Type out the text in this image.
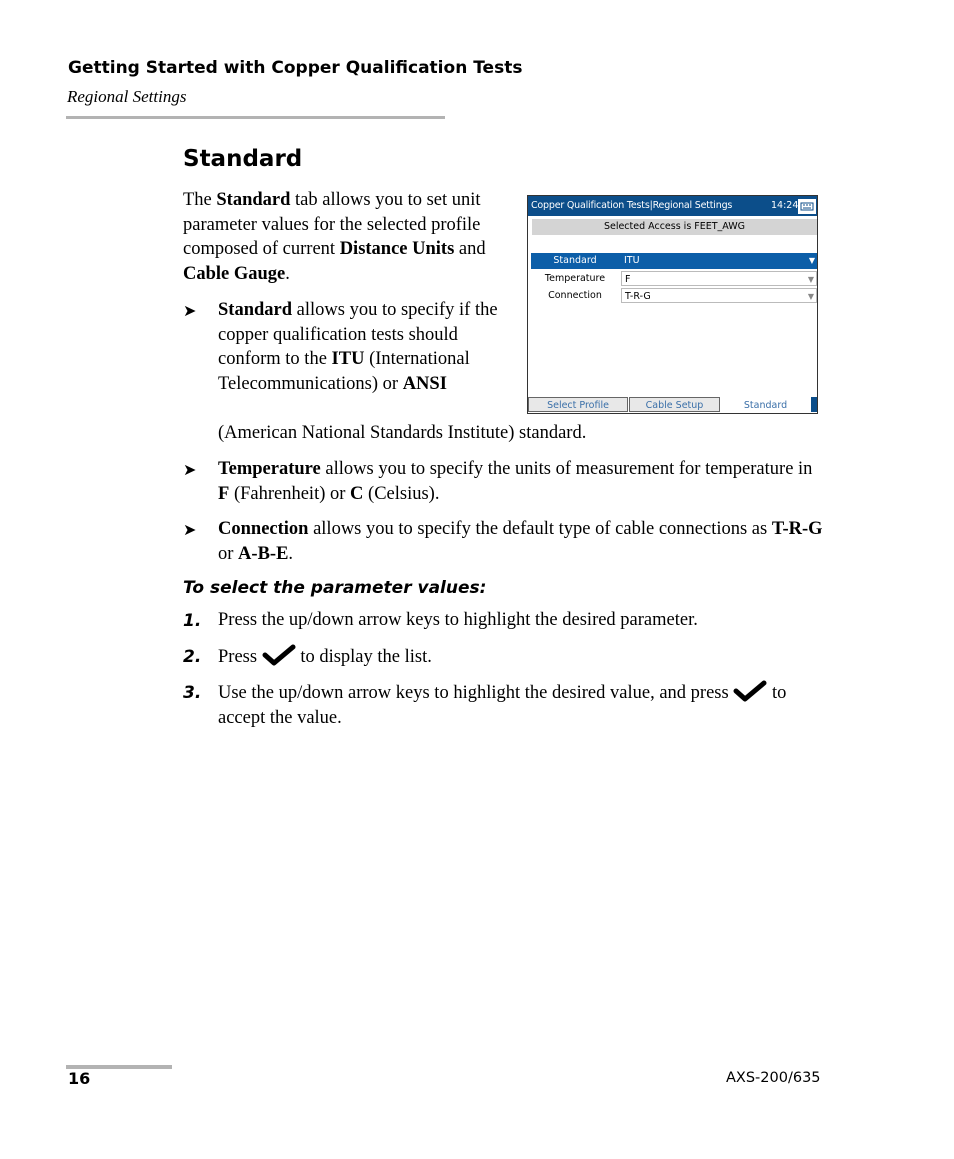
Getting Started with Copper Qualification Tests
Regional Settings
Standard
The Standard tab allows you to set unit parameter values for the selected profile composed of current Distance Units and Cable Gauge.
➤ Standard allows you to specify if the copper qualification tests should conform to the ITU (International Telecommunications) or ANSI
(American National Standards Institute) standard.
➤ Temperature allows you to specify the units of measurement for temperature in F (Fahrenheit) or C (Celsius).
➤ Connection allows you to specify the default type of cable connections as T-R-G or A-B-E.
To select the parameter values:
1. Press the up/down arrow keys to highlight the desired parameter.
2. Press  to display the list.
3. Use the up/down arrow keys to highlight the desired value, and press  to accept the value.
Copper Qualification Tests|Regional Settings	14:24
Selected Access is FEET_AWG
Standard	ITU	▼
Temperature	F	▼
Connection	T-R-G	▼
Select Profile	Cable Setup	Standard
16	AXS-200/635
